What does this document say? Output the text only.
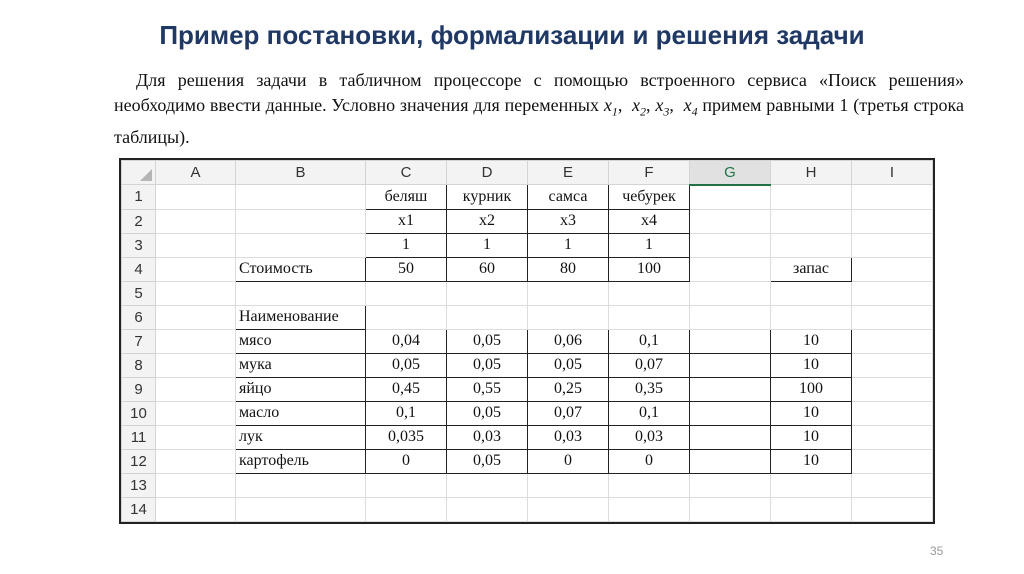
Пример постановки, формализации и решения задачи
Для решения задачи в табличном процессоре с помощью встроенного сервиса «Поиск решения» необходимо ввести данные. Условно значения для переменных $x_1$,  $x_2$, $x_3$,  $x_4$ примем равными 1 (третья строка таблицы).
	A	B	C	D	E	F	G	H	I
1			беляш	курник	самса	чебурек			
2			x1	x2	x3	x4			
3			1	1	1	1			
4		Стоимость	50	60	80	100		запас	
5									
6		Наименование							
7		мясо	0,04	0,05	0,06	0,1		10	
8		мука	0,05	0,05	0,05	0,07		10	
9		яйцо	0,45	0,55	0,25	0,35		100	
10		масло	0,1	0,05	0,07	0,1		10	
11		лук	0,035	0,03	0,03	0,03		10	
12		картофель	0	0,05	0	0		10	
13									
14									
35
